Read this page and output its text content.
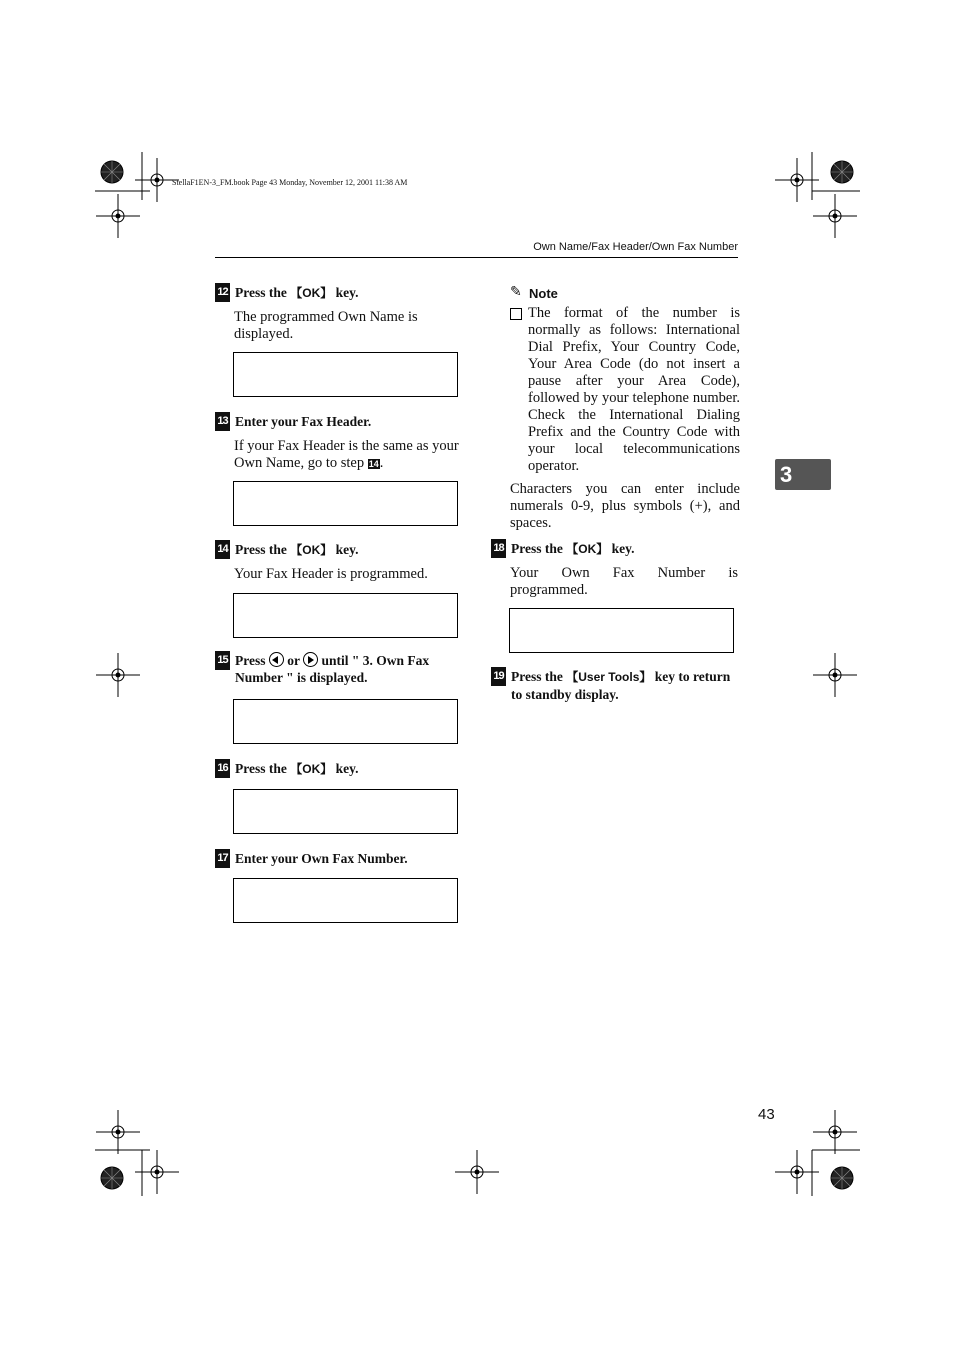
StellaF1EN-3_FM.book Page 43 Monday, November 12, 2001 11:38 AM
Own Name/Fax Header/Own Fax Number
3
43
12 Press the 【OK】 key.
The programmed Own Name is displayed.

13 Enter your Fax Header.
If your Fax Header is the same as your Own Name, go to step 14.

14 Press the 【OK】 key.
Your Fax Header is programmed.

15 Press
or
until " 3. Own Fax Number " is displayed.

16 Press the 【OK】 key.

17 Enter your Own Fax Number.

✎ Note
The format of the number is normally as follows: International Dial Prefix, Your Country Code, Your Area Code (do not insert a pause after your Area Code), followed by your telephone number. Check the International Dialing Prefix and the Country Code with your local telecommunications operator.
Characters you can enter include numerals 0-9, plus symbols (+), and spaces.
18 Press the 【OK】 key.
Your Own Fax Number is programmed.

19 Press the 【User Tools】 key to return to standby display.
